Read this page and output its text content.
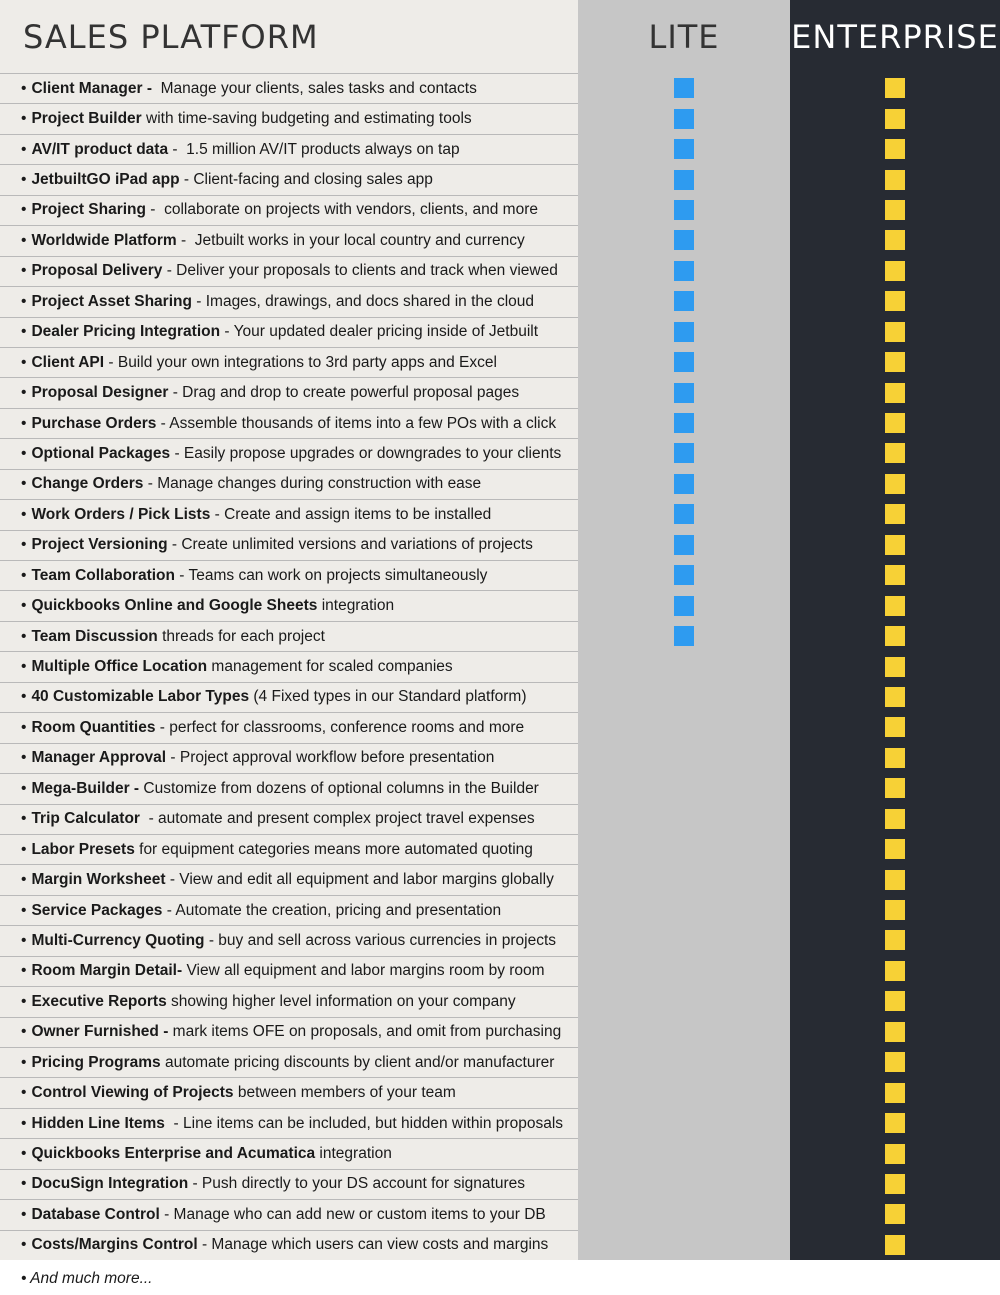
SALES PLATFORM	LITE	ENTERPRISE
• Client Manager - Manage your clients, sales tasks and contacts
• Project Builder with time-saving budgeting and estimating tools
• AV/IT product data -  1.5 million AV/IT products always on tap
• JetbuiltGO iPad app - Client-facing and closing sales app
• Project Sharing -  collaborate on projects with vendors, clients, and more
• Worldwide Platform -  Jetbuilt works in your local country and currency
• Proposal Delivery - Deliver your proposals to clients and track when viewed
• Project Asset Sharing - Images, drawings, and docs shared in the cloud
• Dealer Pricing Integration - Your updated dealer pricing inside of Jetbuilt
• Client API - Build your own integrations to 3rd party apps and Excel
• Proposal Designer - Drag and drop to create powerful proposal pages
• Purchase Orders - Assemble thousands of items into a few POs with a click
• Optional Packages - Easily propose upgrades or downgrades to your clients
• Change Orders - Manage changes during construction with ease
• Work Orders / Pick Lists - Create and assign items to be installed
• Project Versioning - Create unlimited versions and variations of projects
• Team Collaboration - Teams can work on projects simultaneously
• Quickbooks Online and Google Sheets integration
• Team Discussion threads for each project
• Multiple Office Location management for scaled companies
• 40 Customizable Labor Types (4 Fixed types in our Standard platform)
• Room Quantities - perfect for classrooms, conference rooms and more
• Manager Approval - Project approval workflow before presentation
• Mega-Builder - Customize from dozens of optional columns in the Builder
• Trip Calculator - automate and present complex project travel expenses
• Labor Presets for equipment categories means more automated quoting
• Margin Worksheet - View and edit all equipment and labor margins globally
• Service Packages - Automate the creation, pricing and presentation
• Multi-Currency Quoting - buy and sell across various currencies in projects
• Room Margin Detail- View all equipment and labor margins room by room
• Executive Reports showing higher level information on your company
• Owner Furnished - mark items OFE on proposals, and omit from purchasing
• Pricing Programs automate pricing discounts by client and/or manufacturer
• Control Viewing of Projects between members of your team
• Hidden Line Items - Line items can be included, but hidden within proposals
• Quickbooks Enterprise and Acumatica integration
• DocuSign Integration - Push directly to your DS account for signatures
• Database Control - Manage who can add new or custom items to your DB
• Costs/Margins Control - Manage which users can view costs and margins
• And much more...
